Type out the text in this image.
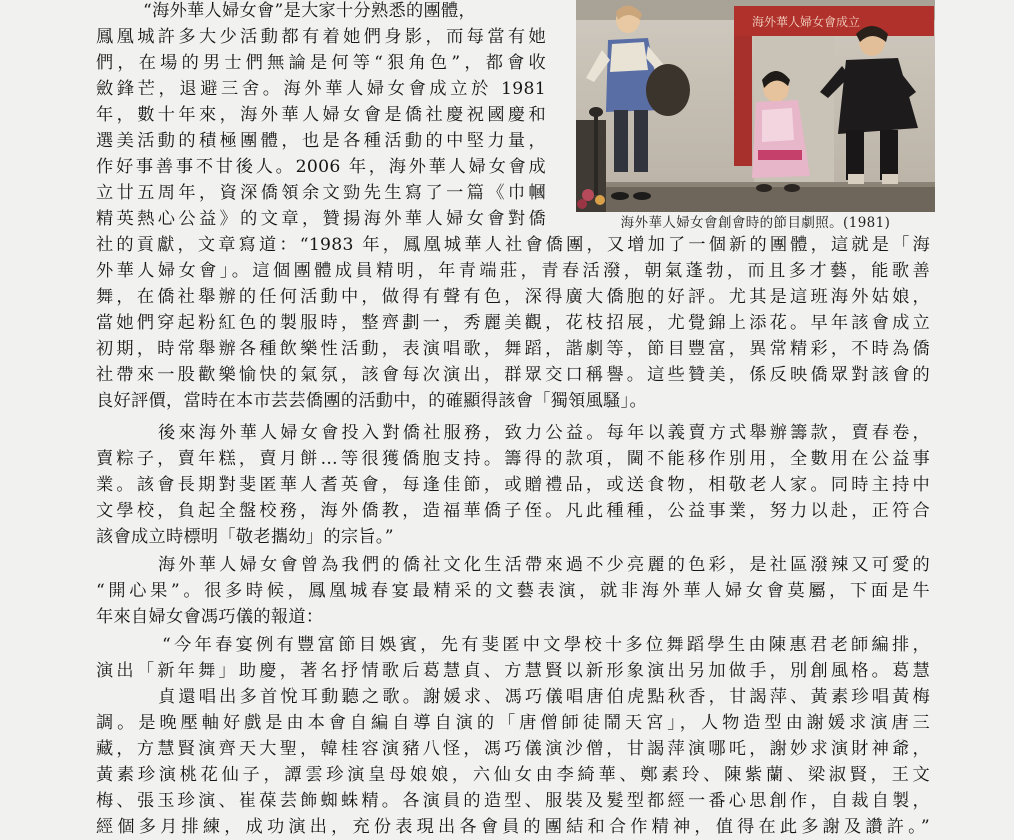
海外華人婦女會成立
海外華人婦女會創會時的節目劇照。(1981)
“海外華人婦女會”是大家十分熟悉的團體，
鳳凰城許多大少活動都有着她們身影，而每當有她
們，在場的男士們無論是何等“狠角色”，都會收
斂鋒芒，退避三舍。海外華人婦女會成立於 1981
年，數十年來，海外華人婦女會是僑社慶祝國慶和
選美活動的積極團體，也是各種活動的中堅力量，
作好事善事不甘後人。2006 年，海外華人婦女會成
立廿五周年，資深僑領余文勁先生寫了一篇《巾幗
精英熱心公益》的文章，贊揚海外華人婦女會對僑
社的貢獻，文章寫道：“1983 年，鳳凰城華人社會僑團，又增加了一個新的團體，這就是「海
外華人婦女會」。這個團體成員精明，年青端莊，青春活潑，朝氣蓬勃，而且多才藝，能歌善
舞，在僑社舉辦的任何活動中，做得有聲有色，深得廣大僑胞的好評。尤其是這班海外姑娘，
當她們穿起粉紅色的製服時，整齊劃一，秀麗美觀，花枝招展，尤覺錦上添花。早年該會成立
初期，時常舉辦各種飲樂性活動，表演唱歌，舞蹈，諧劇等，節目豐富，異常精彩，不時為僑
社帶來一股歡樂愉快的氣氛，該會每次演出，群眾交口稱譽。這些贊美，係反映僑眾對該會的
良好評價，當時在本市芸芸僑團的活動中，的確顯得該會「獨領風騷」。
後來海外華人婦女會投入對僑社服務，致力公益。每年以義賣方式舉辦籌款，賣春卷，
賣粽子，賣年糕，賣月餅…等很獲僑胞支持。籌得的款項，閫不能移作別用，全數用在公益事
業。該會長期對斐匿華人耆英會，每逢佳節，或贈禮品，或送食物，相敬老人家。同時主持中
文學校，負起全盤校務，海外僑教，造福華僑子侄。凡此種種，公益事業，努力以赴，正符合
該會成立時標明「敬老攜幼」的宗旨。”
海外華人婦女會曾為我們的僑社文化生活帶來過不少亮麗的色彩，是社區潑辣又可愛的
“開心果”。很多時候，鳳凰城春宴最精采的文藝表演，就非海外華人婦女會莫屬，下面是牛
年來自婦女會馮巧儀的報道：
“今年春宴例有豐富節目娛賓，先有斐匿中文學校十多位舞蹈學生由陳惠君老師編排，
演出「新年舞」助慶，著名抒情歌后葛慧貞、方慧賢以新形象演出另加做手，別創風格。葛慧
貞還唱出多首悅耳動聽之歌。謝媛求、馮巧儀唱唐伯虎點秋香，甘謁萍、黃素珍唱黃梅
調。是晚壓軸好戲是由本會自編自導自演的「唐僧師徒鬧天宮」，人物造型由謝媛求演唐三
藏，方慧賢演齊天大聖，韓桂容演豬八怪，馮巧儀演沙僧，甘謁萍演哪吒，謝妙求演財神爺，
黃素珍演桃花仙子，譚雲珍演皇母娘娘，六仙女由李綺華、鄭素玲、陳紫蘭、梁淑賢，王文
梅、張玉珍演、崔葆芸飾蜘蛛精。各演員的造型、服裝及髮型都經一番心思創作，自裁自製，
經個多月排練，成功演出，充份表現出各會員的團結和合作精神，值得在此多謝及讚許。”
